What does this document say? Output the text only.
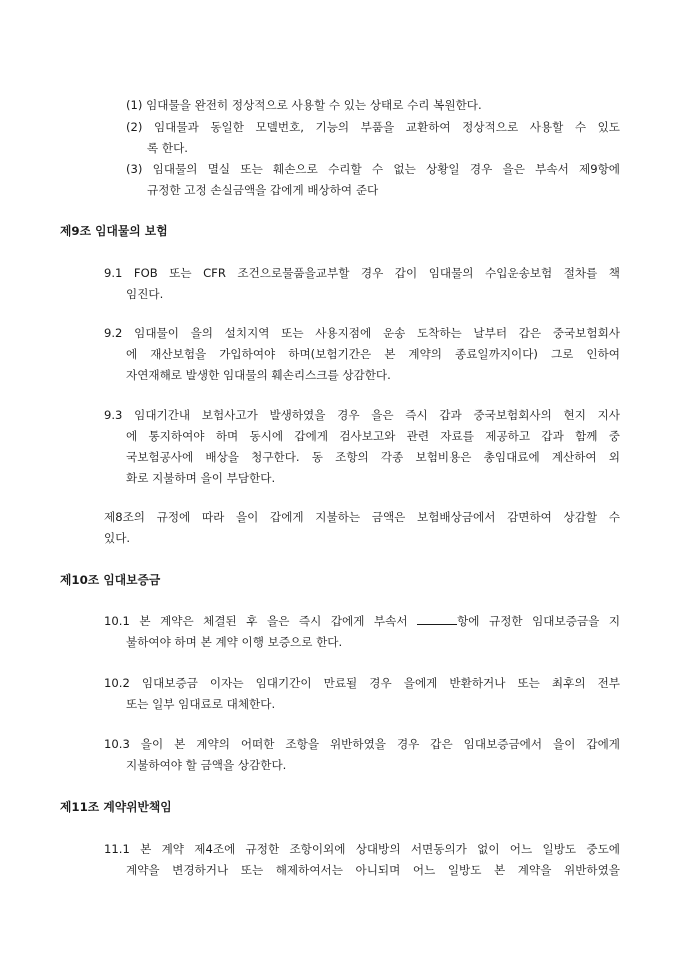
(1) 임대물을 완전히 정상적으로 사용할 수 있는 상태로 수리 복원한다.
(2) 임대물과 동일한 모델번호, 기능의 부품을 교환하여 정상적으로 사용할 수 있도
록 한다.
(3) 임대물의 멸실 또는 훼손으로 수리할 수 없는 상황일 경우 을은 부속서 제9항에
규정한 고정 손실금액을 갑에게 배상하여 준다
제9조 임대물의 보험
9.1 FOB 또는 CFR 조건으로물품을교부할 경우 갑이 임대물의 수입운송보험 절차를 책
임진다.
9.2 임대물이 을의 설치지역 또는 사용지점에 운송 도착하는 날부터 갑은 중국보험회사
에 재산보험을 가입하여야 하며(보험기간은 본 계약의 종료일까지이다) 그로 인하여
자연재해로 발생한 임대물의 훼손리스크를 상감한다.
9.3 임대기간내 보험사고가 발생하였을 경우 을은 즉시 갑과 중국보험회사의 현지 지사
에 통지하여야 하며 동시에 갑에게 검사보고와 관련 자료를 제공하고 갑과 함께 중
국보험공사에 배상을 청구한다. 동 조항의 각종 보험비용은 총임대료에 계산하여 외
화로 지불하며 을이 부담한다.
제8조의 규정에 따라 을이 갑에게 지불하는 금액은 보험배상금에서 감면하여 상감할 수
있다.
제10조 임대보증금
10.1 본 계약은 체결된 후 을은 즉시 갑에게 부속서	항에 규정한 임대보증금을 지
불하여야 하며 본 계약 이행 보증으로 한다.
10.2 임대보증금 이자는 임대기간이 만료될 경우 을에게 반환하거나 또는 최후의 전부
또는 일부 임대료로 대체한다.
10.3 을이 본 계약의 어떠한 조항을 위반하였을 경우 갑은 임대보증금에서 을이 갑에게
지불하여야 할 금액을 상감한다.
제11조 계약위반책임
11.1 본 계약 제4조에 규정한 조항이외에 상대방의 서면동의가 없이 어느 일방도 중도에
계약을 변경하거나 또는 해제하여서는 아니되며 어느 일방도 본 계약을 위반하였을
